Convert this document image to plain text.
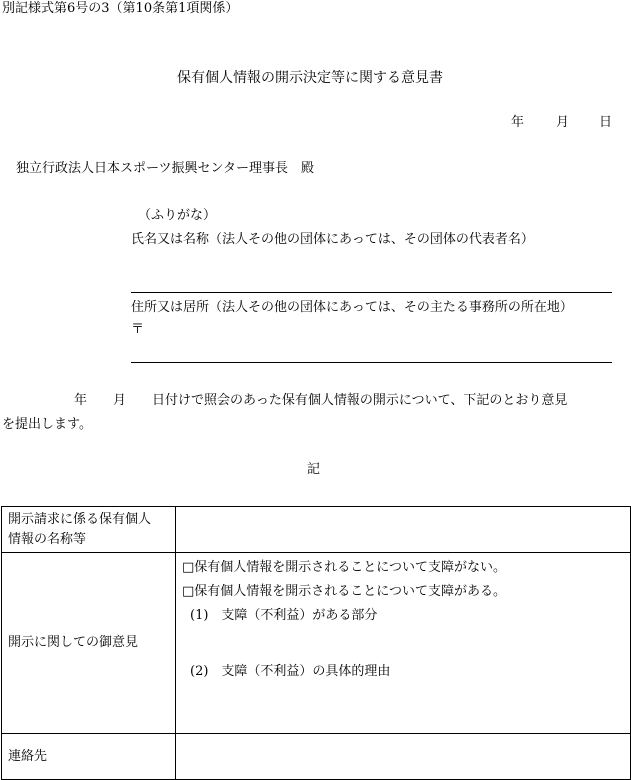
別記様式第6号の3（第10条第1項関係）
保有個人情報の開示決定等に関する意見書
年 月 日
独立行政法人日本スポーツ振興センター理事長　殿
（ふりがな）
氏名又は名称（法人その他の団体にあっては、その団体の代表者名）
住所又は居所（法人その他の団体にあっては、その主たる事務所の所在地）
〒
年　　月　　日付けで照会のあった保有個人情報の開示について、下記のとおり意見
を提出します。
記
開示請求に係る保有個人
情報の名称等	

開示に関しての御意見	□保有個人情報を開示されることについて支障がない。
□保有個人情報を開示されることについて支障がある。
(1)　支障（不利益）がある部分
(2)　支障（不利益）の具体的理由

連絡先	
